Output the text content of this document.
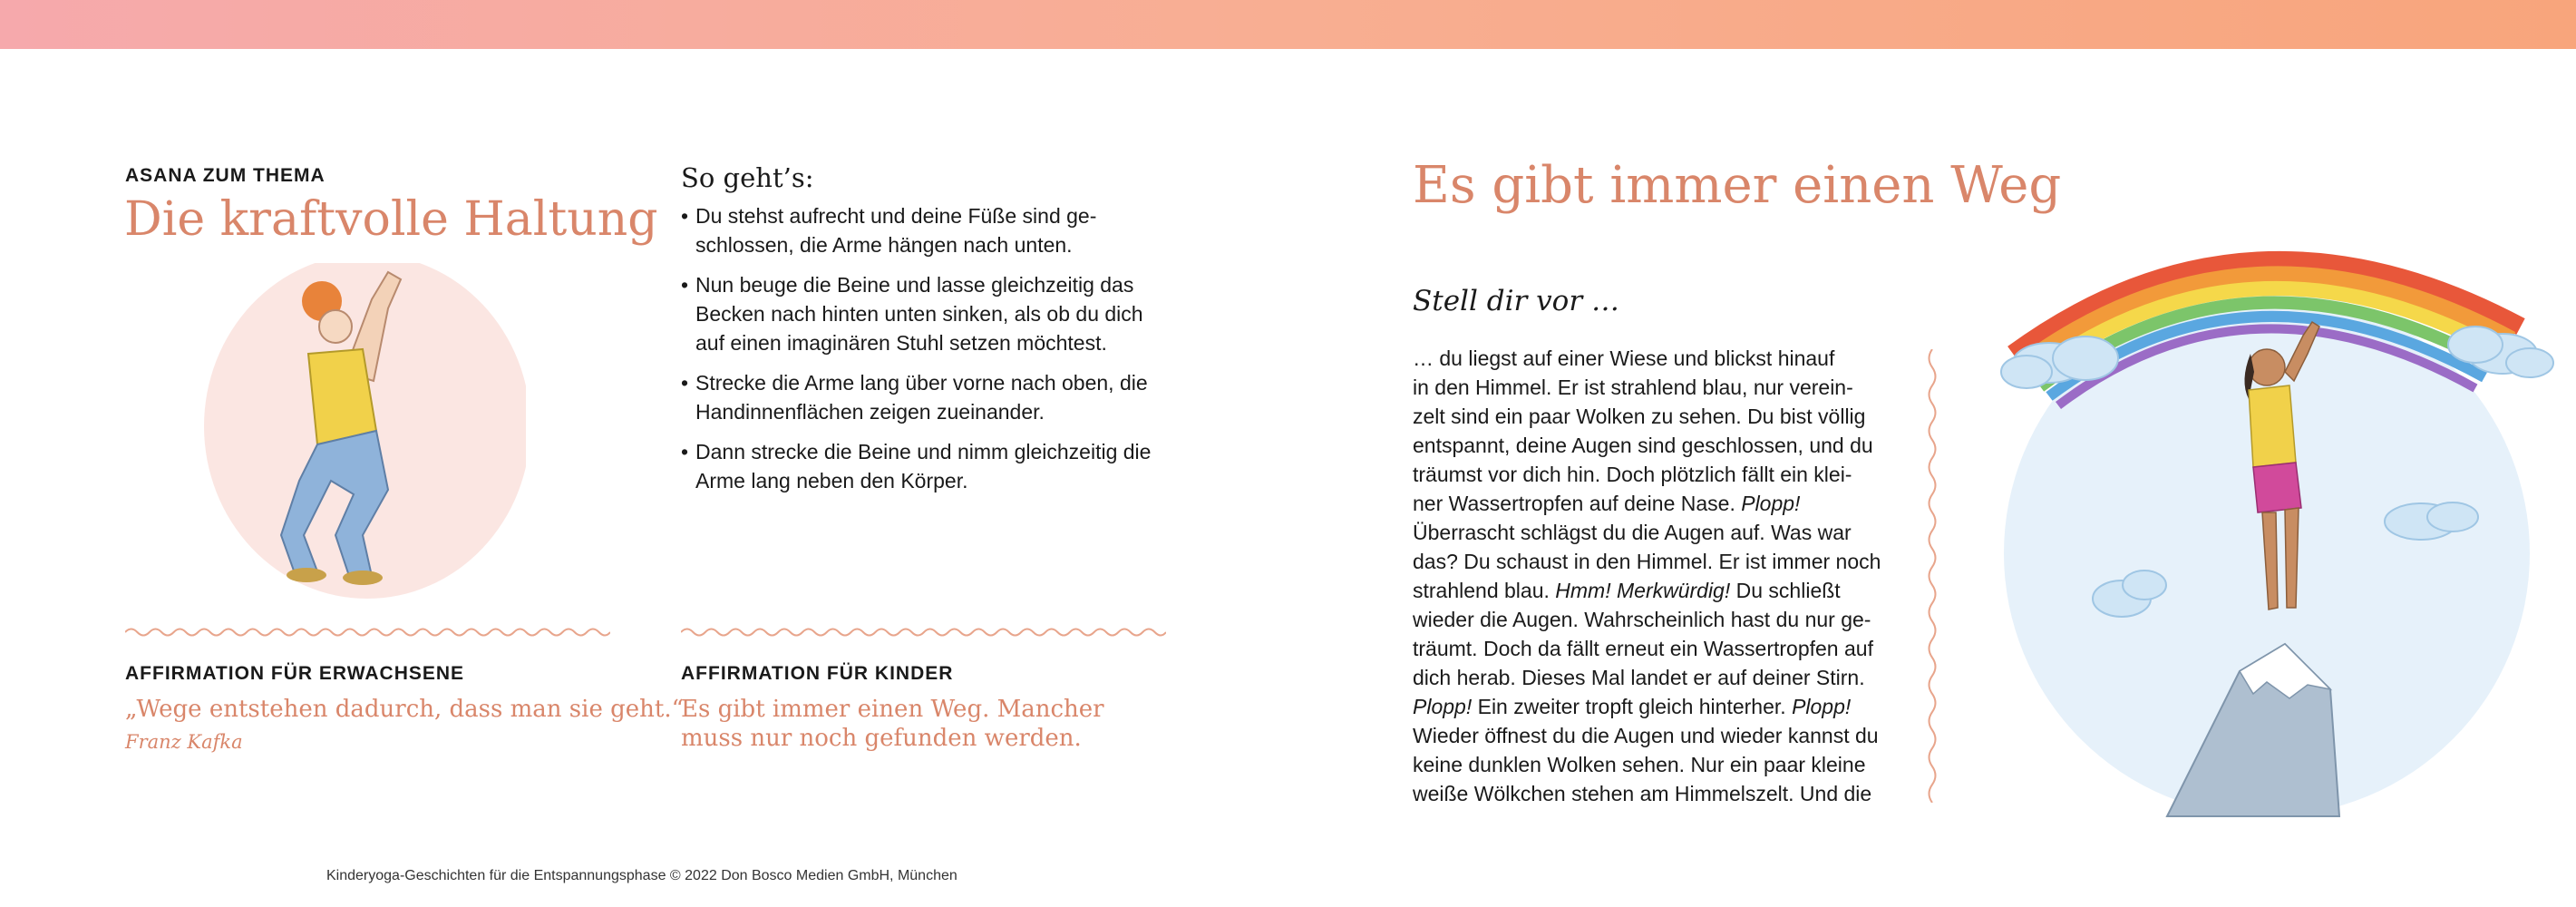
ASANA ZUM THEMA
Die kraftvolle Haltung
So geht’s:
• Du stehst aufrecht und deine Füße sind ge-schlossen, die Arme hängen nach unten.
• Nun beuge die Beine und lasse gleichzeitig das Becken nach hinten unten sinken, als ob du dich auf einen imaginären Stuhl setzen möchtest.
• Strecke die Arme lang über vorne nach oben, die Handinnenflächen zeigen zueinander.
• Dann strecke die Beine und nimm gleichzeitig die Arme lang neben den Körper.
AFFIRMATION FÜR ERWACHSENE
„Wege entstehen dadurch, dass man sie geht.“
Franz Kafka
AFFIRMATION FÜR KINDER
Es gibt immer einen Weg. Mancher muss nur noch gefunden werden.
Kinderyoga-Geschichten für die Entspannungsphase © 2022 Don Bosco Medien GmbH, München
Es gibt immer einen Weg
Stell dir vor …

… du liegst auf einer Wiese und blickst hinauf

in den Himmel. Er ist strahlend blau, nur verein-

zelt sind ein paar Wolken zu sehen. Du bist völlig

entspannt, deine Augen sind geschlossen, und du

träumst vor dich hin. Doch plötzlich fällt ein klei-

ner Wassertropfen auf deine Nase. Plopp!

Überrascht schlägst du die Augen auf. Was war

das? Du schaust in den Himmel. Er ist immer noch

strahlend blau. Hmm! Merkwürdig! Du schließt

wieder die Augen. Wahrscheinlich hast du nur ge-

träumt. Doch da fällt erneut ein Wassertropfen auf

dich herab. Dieses Mal landet er auf deiner Stirn.

Plopp! Ein zweiter tropft gleich hinterher. Plopp!

Wieder öffnest du die Augen und wieder kannst du

keine dunklen Wolken sehen. Nur ein paar kleine

weiße Wölkchen stehen am Himmelszelt. Und die
